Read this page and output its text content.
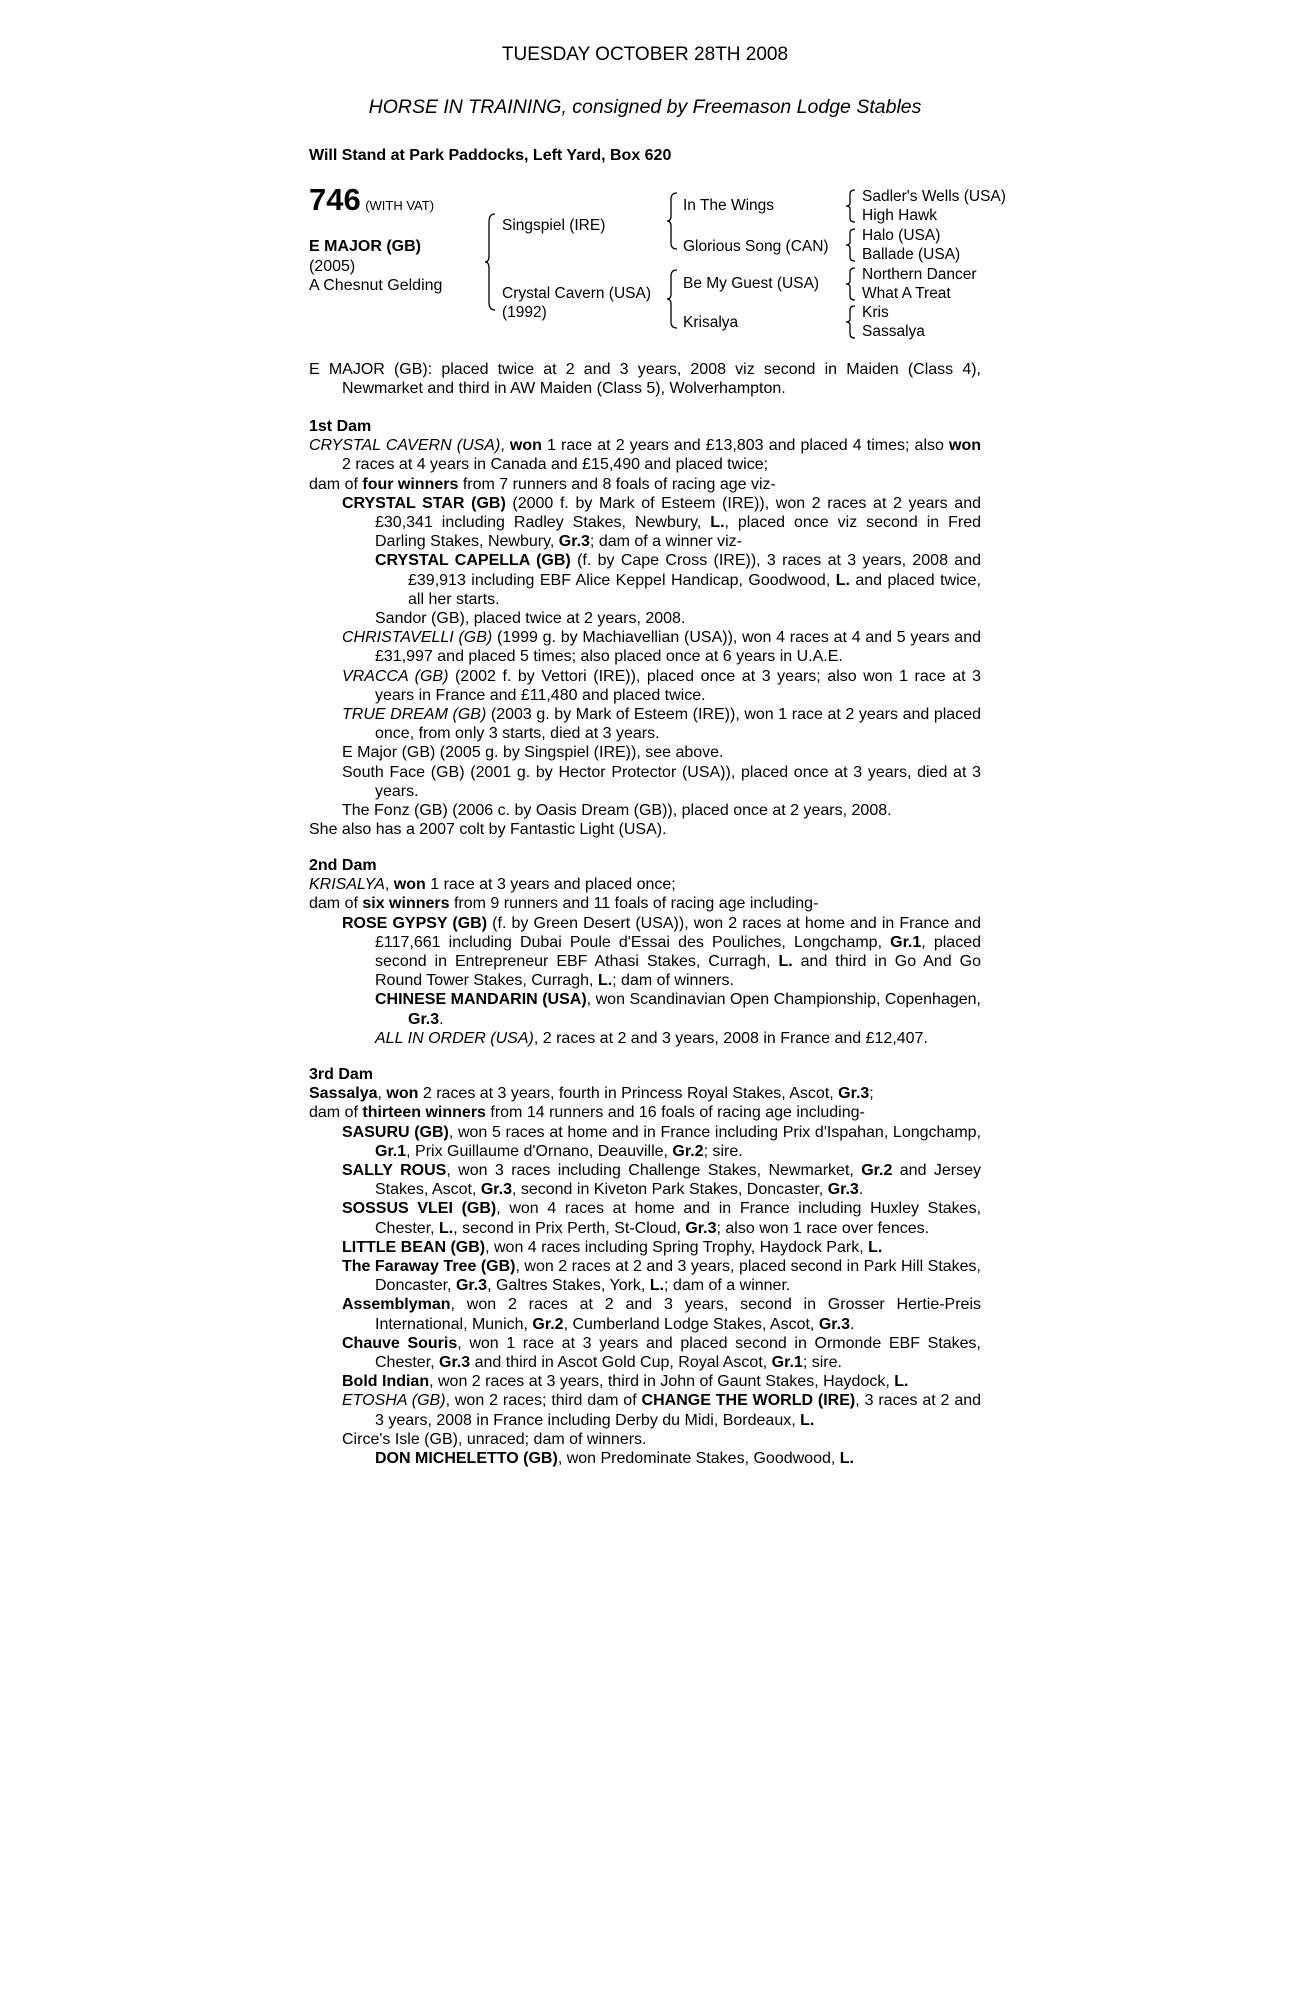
TUESDAY OCTOBER 28TH 2008
HORSE IN TRAINING, consigned by Freemason Lodge Stables
Will Stand at Park Paddocks, Left Yard, Box 620
746 (WITH VAT)
E MAJOR (GB)
(2005)
A Chesnut Gelding
Singspiel (IRE)
Crystal Cavern (USA)
(1992)
In The Wings
Glorious Song (CAN)
Be My Guest (USA)
Krisalya
Sadler's Wells (USA)
High Hawk
Halo (USA)
Ballade (USA)
Northern Dancer
What A Treat
Kris
Sassalya

E MAJOR (GB): placed twice at 2 and 3 years, 2008 viz second in Maiden (Class 4), Newmarket and third in AW Maiden (Class 5), Wolverhampton.

1st Dam

CRYSTAL CAVERN (USA), won 1 race at 2 years and £13,803 and placed 4 times; also won 2 races at 4 years in Canada and £15,490 and placed twice;

dam of four winners from 7 runners and 8 foals of racing age viz-

CRYSTAL STAR (GB) (2000 f. by Mark of Esteem (IRE)), won 2 races at 2 years and £30,341 including Radley Stakes, Newbury, L., placed once viz second in Fred Darling Stakes, Newbury, Gr.3; dam of a winner viz-

CRYSTAL CAPELLA (GB) (f. by Cape Cross (IRE)), 3 races at 3 years, 2008 and £39,913 including EBF Alice Keppel Handicap, Goodwood, L. and placed twice, all her starts.

Sandor (GB), placed twice at 2 years, 2008.

CHRISTAVELLI (GB) (1999 g. by Machiavellian (USA)), won 4 races at 4 and 5 years and £31,997 and placed 5 times; also placed once at 6 years in U.A.E.

VRACCA (GB) (2002 f. by Vettori (IRE)), placed once at 3 years; also won 1 race at 3 years in France and £11,480 and placed twice.

TRUE DREAM (GB) (2003 g. by Mark of Esteem (IRE)), won 1 race at 2 years and placed once, from only 3 starts, died at 3 years.

E Major (GB) (2005 g. by Singspiel (IRE)), see above.

South Face (GB) (2001 g. by Hector Protector (USA)), placed once at 3 years, died at 3 years.

The Fonz (GB) (2006 c. by Oasis Dream (GB)), placed once at 2 years, 2008.

She also has a 2007 colt by Fantastic Light (USA).

2nd Dam

KRISALYA, won 1 race at 3 years and placed once;

dam of six winners from 9 runners and 11 foals of racing age including-

ROSE GYPSY (GB) (f. by Green Desert (USA)), won 2 races at home and in France and £117,661 including Dubai Poule d'Essai des Pouliches, Longchamp, Gr.1, placed second in Entrepreneur EBF Athasi Stakes, Curragh, L. and third in Go And Go Round Tower Stakes, Curragh, L.; dam of winners.

CHINESE MANDARIN (USA), won Scandinavian Open Championship, Copenhagen, Gr.3.

ALL IN ORDER (USA), 2 races at 2 and 3 years, 2008 in France and £12,407.

3rd Dam

Sassalya, won 2 races at 3 years, fourth in Princess Royal Stakes, Ascot, Gr.3;

dam of thirteen winners from 14 runners and 16 foals of racing age including-

SASURU (GB), won 5 races at home and in France including Prix d'Ispahan, Longchamp, Gr.1, Prix Guillaume d'Ornano, Deauville, Gr.2; sire.

SALLY ROUS, won 3 races including Challenge Stakes, Newmarket, Gr.2 and Jersey Stakes, Ascot, Gr.3, second in Kiveton Park Stakes, Doncaster, Gr.3.

SOSSUS VLEI (GB), won 4 races at home and in France including Huxley Stakes, Chester, L., second in Prix Perth, St-Cloud, Gr.3; also won 1 race over fences.

LITTLE BEAN (GB), won 4 races including Spring Trophy, Haydock Park, L.

The Faraway Tree (GB), won 2 races at 2 and 3 years, placed second in Park Hill Stakes, Doncaster, Gr.3, Galtres Stakes, York, L.; dam of a winner.

Assemblyman, won 2 races at 2 and 3 years, second in Grosser Hertie-Preis International, Munich, Gr.2, Cumberland Lodge Stakes, Ascot, Gr.3.

Chauve Souris, won 1 race at 3 years and placed second in Ormonde EBF Stakes, Chester, Gr.3 and third in Ascot Gold Cup, Royal Ascot, Gr.1; sire.

Bold Indian, won 2 races at 3 years, third in John of Gaunt Stakes, Haydock, L.

ETOSHA (GB), won 2 races; third dam of CHANGE THE WORLD (IRE), 3 races at 2 and 3 years, 2008 in France including Derby du Midi, Bordeaux, L.

Circe's Isle (GB), unraced; dam of winners.

DON MICHELETTO (GB), won Predominate Stakes, Goodwood, L.
